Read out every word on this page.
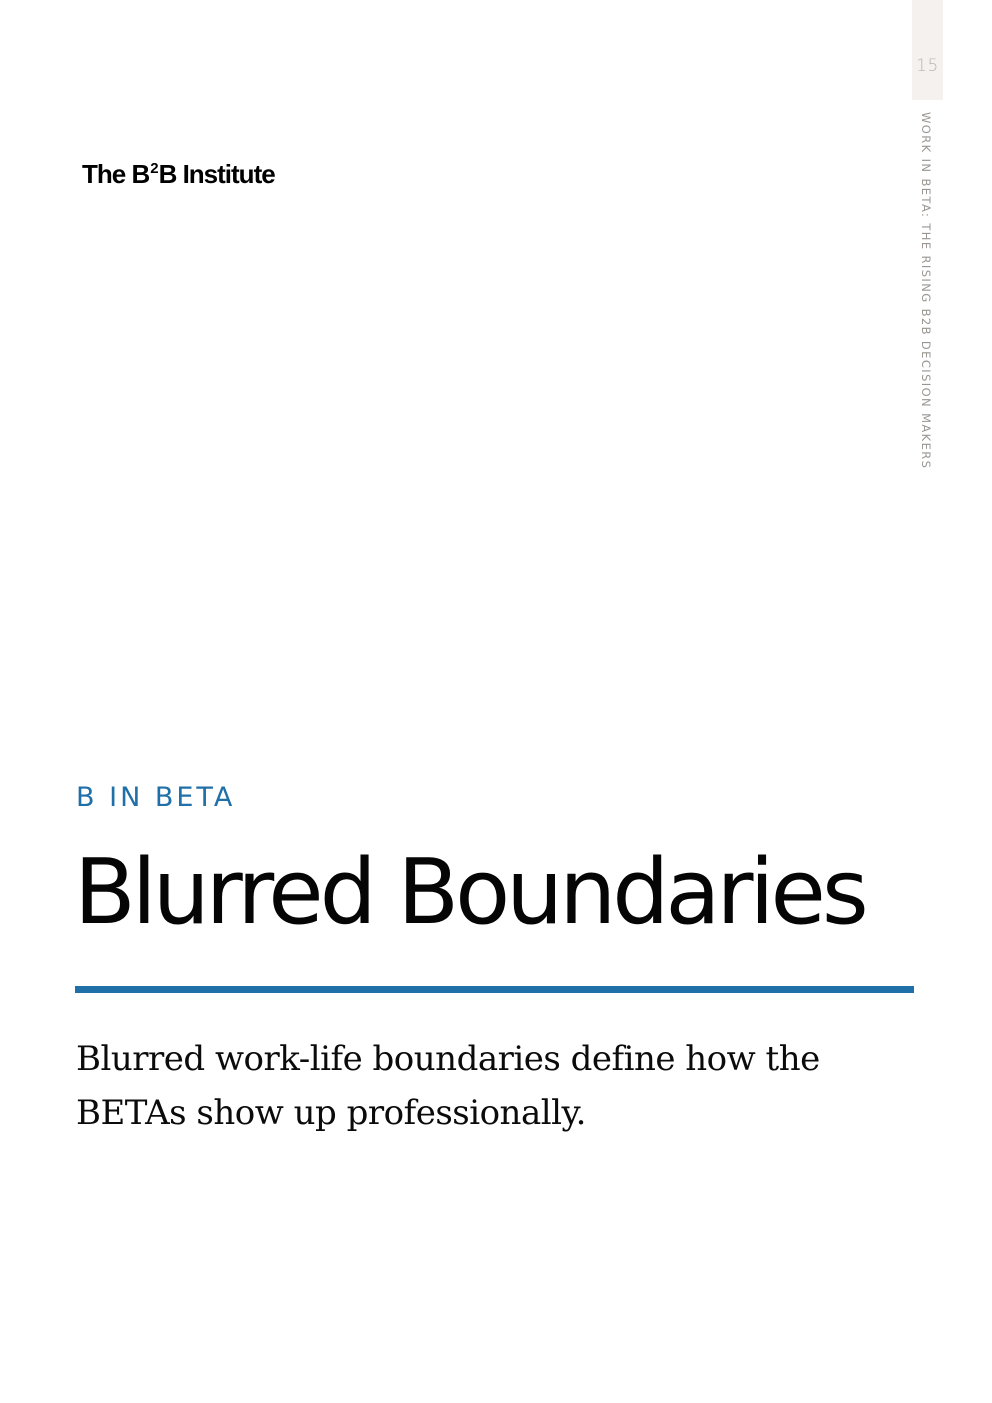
15
WORK IN BETA: THE RISING B2B DECISION MAKERS
The $B^2B$ Institute
B IN BETA
Blurred Boundaries

Blurred work-life boundaries define how the BETAs show up professionally.
